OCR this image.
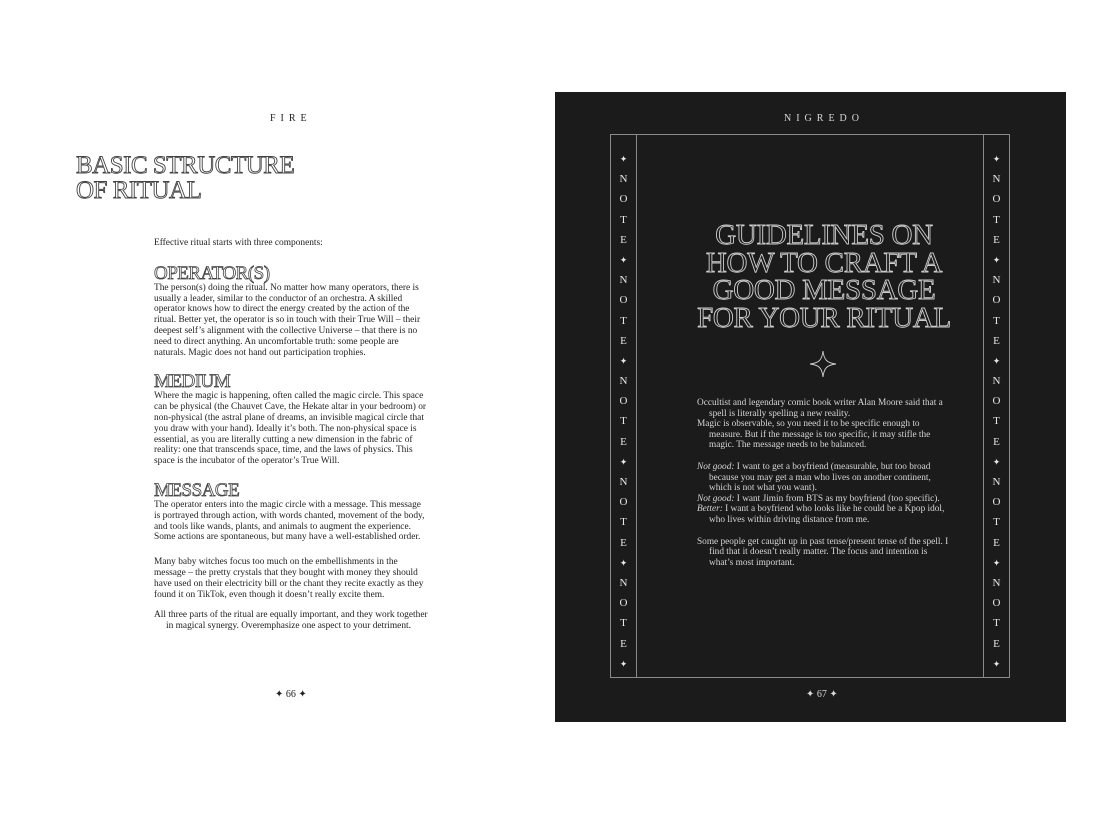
FIRE
BASIC STRUCTURE
OF RITUAL

Effective ritual starts with three components:

OPERATOR(S)

The person(s) doing the ritual. No matter how many operators, there is usually a leader, similar to the conductor of an orchestra. A skilled operator knows how to direct the energy created by the action of the ritual. Better yet, the operator is so in touch with their True Will – their deepest self’s alignment with the collective Universe – that there is no need to direct anything. An uncomfortable truth: some people are naturals. Magic does not hand out participation trophies.

MEDIUM

Where the magic is happening, often called the magic circle. This space can be physical (the Chauvet Cave, the Hekate altar in your bedroom) or non-physical (the astral plane of dreams, an invisible magical circle that you draw with your hand). Ideally it’s both. The non-physical space is essential, as you are literally cutting a new dimension in the fabric of reality: one that transcends space, time, and the laws of physics. This space is the incubator of the operator’s True Will.

MESSAGE

The operator enters into the magic circle with a message. This message is portrayed through action, with words chanted, movement of the body, and tools like wands, plants, and animals to augment the experience. Some actions are spontaneous, but many have a well-established order.

Many baby witches focus too much on the embellishments in the message – the pretty crystals that they bought with money they should have used on their electricity bill or the chant they recite exactly as they found it on TikTok, even though it doesn’t really excite them.

All three parts of the ritual are equally important, and they work together in magical synergy. Overemphasize one aspect to your detriment.

✦ 66 ✦
NIGREDO
✦
N
O
T
E
✦
N
O
T
E
✦
N
O
T
E
✦
N
O
T
E
✦
N
O
T
E
✦
✦
N
O
T
E
✦
N
O
T
E
✦
N
O
T
E
✦
N
O
T
E
✦
N
O
T
E
✦
GUIDELINES ON
HOW TO CRAFT A
GOOD MESSAGE
FOR YOUR RITUAL

Occultist and legendary comic book writer Alan Moore said that a spell is literally spelling a new reality.

Magic is observable, so you need it to be specific enough to measure. But if the message is too specific, it may stifle the magic. The message needs to be balanced.

Not good: I want to get a boyfriend (measurable, but too broad because you may get a man who lives on another continent, which is not what you want).

Not good: I want Jimin from BTS as my boyfriend (too specific).

Better: I want a boyfriend who looks like he could be a Kpop idol, who lives within driving distance from me.

Some people get caught up in past tense/present tense of the spell. I find that it doesn’t really matter. The focus and intention is what’s most important.

✦ 67 ✦
